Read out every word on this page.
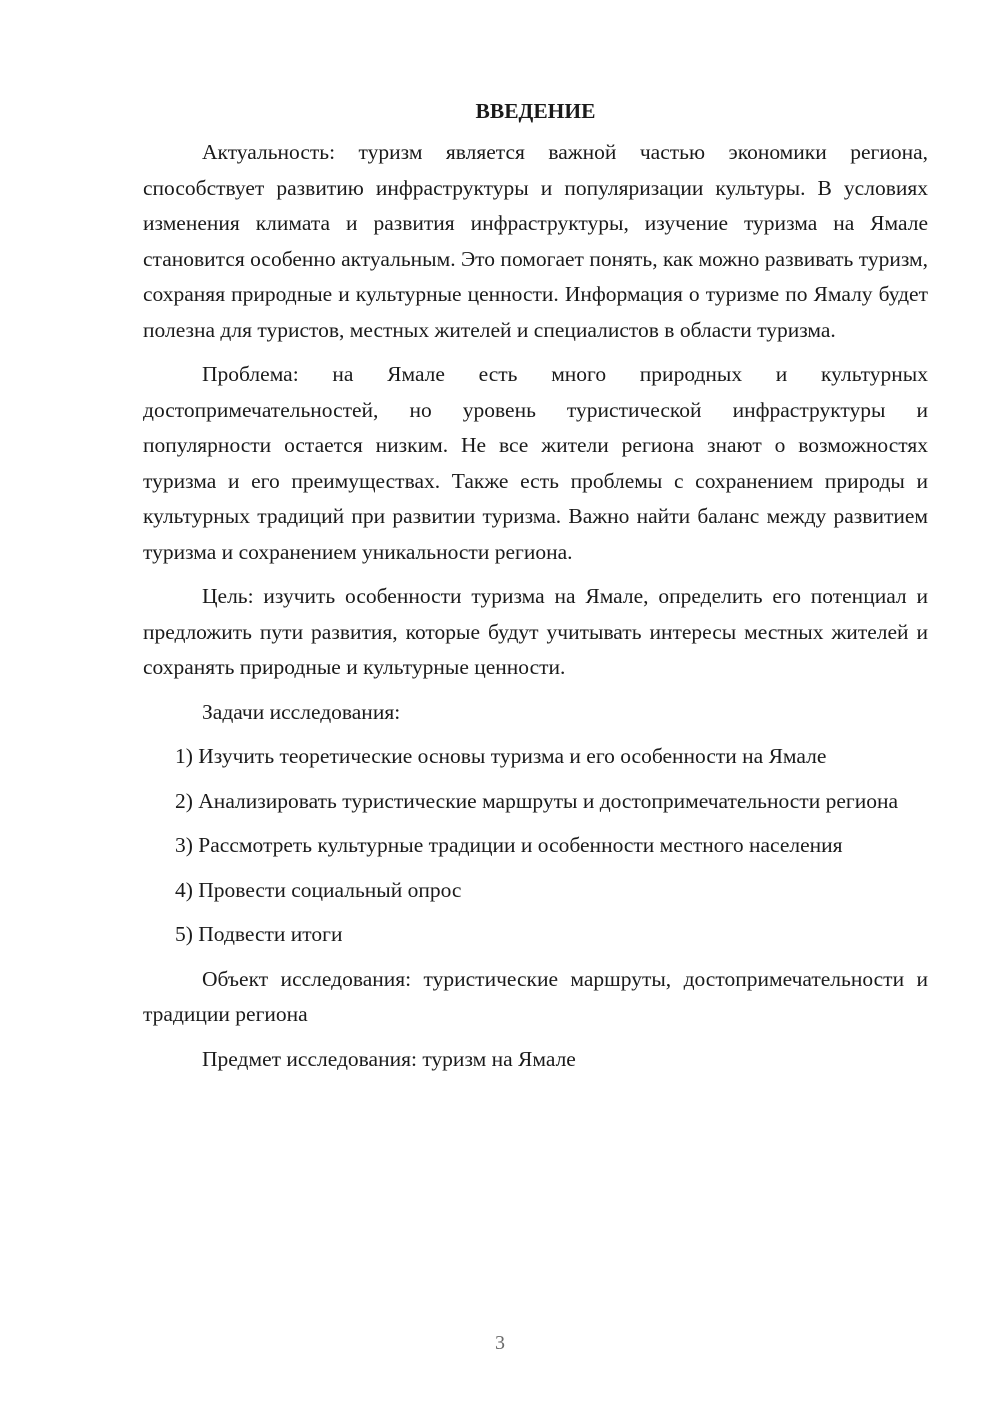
ВВЕДЕНИЕ

Актуальность: туризм является важной частью экономики региона, способствует развитию инфраструктуры и популяризации культуры. В условиях изменения климата и развития инфраструктуры, изучение туризма на Ямале становится особенно актуальным. Это помогает понять, как можно развивать туризм, сохраняя природные и культурные ценности. Информация о туризме по Ямалу будет полезна для туристов, местных жителей и специалистов в области туризма.

Проблема: на Ямале есть много природных и культурных достопримечательностей, но уровень туристической инфраструктуры и популярности остается низким. Не все жители региона знают о возможностях туризма и его преимуществах. Также есть проблемы с сохранением природы и культурных традиций при развитии туризма. Важно найти баланс между развитием туризма и сохранением уникальности региона.

Цель: изучить особенности туризма на Ямале, определить его потенциал и предложить пути развития, которые будут учитывать интересы местных жителей и сохранять природные и культурные ценности.

Задачи исследования:

1) Изучить теоретические основы туризма и его особенности на Ямале

2) Анализировать туристические маршруты и достопримечательности региона

3) Рассмотреть культурные традиции и особенности местного населения

4) Провести социальный опрос

5) Подвести итоги

Объект исследования: туристические маршруты, достопримечательности и традиции региона

Предмет исследования: туризм на Ямале

3
